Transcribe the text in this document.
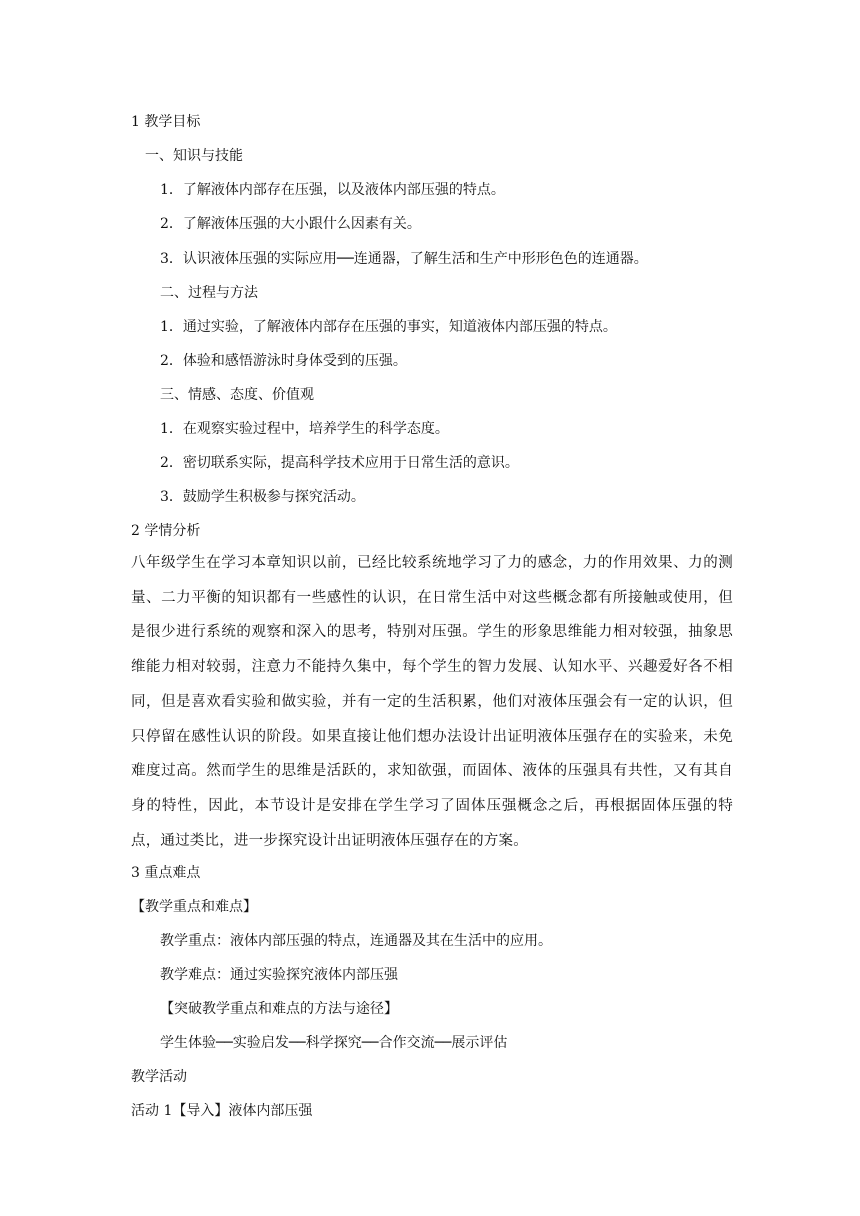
1 教学目标
一、知识与技能
1．了解液体内部存在压强，以及液体内部压强的特点。
2．了解液体压强的大小跟什么因素有关。
3．认识液体压强的实际应用──连通器，了解生活和生产中形形色色的连通器。
二、过程与方法
1．通过实验，了解液体内部存在压强的事实，知道液体内部压强的特点。
2．体验和感悟游泳时身体受到的压强。
三、情感、态度、价值观
1．在观察实验过程中，培养学生的科学态度。
2．密切联系实际，提高科学技术应用于日常生活的意识。
3．鼓励学生积极参与探究活动。
2 学情分析
八年级学生在学习本章知识以前，已经比较系统地学习了力的感念，力的作用效果、力的测量、二力平衡的知识都有一些感性的认识，在日常生活中对这些概念都有所接触或使用，但是很少进行系统的观察和深入的思考，特别对压强。学生的形象思维能力相对较强，抽象思维能力相对较弱，注意力不能持久集中，每个学生的智力发展、认知水平、兴趣爱好各不相同，但是喜欢看实验和做实验，并有一定的生活积累，他们对液体压强会有一定的认识，但只停留在感性认识的阶段。如果直接让他们想办法设计出证明液体压强存在的实验来，未免难度过高。然而学生的思维是活跃的，求知欲强，而固体、液体的压强具有共性，又有其自身的特性，因此，本节设计是安排在学生学习了固体压强概念之后，再根据固体压强的特点，通过类比，进一步探究设计出证明液体压强存在的方案。
3 重点难点
【教学重点和难点】
教学重点：液体内部压强的特点，连通器及其在生活中的应用。
教学难点：通过实验探究液体内部压强
【突破教学重点和难点的方法与途径】
学生体验──实验启发──科学探究──合作交流──展示评估
教学活动
活动 1【导入】液体内部压强
